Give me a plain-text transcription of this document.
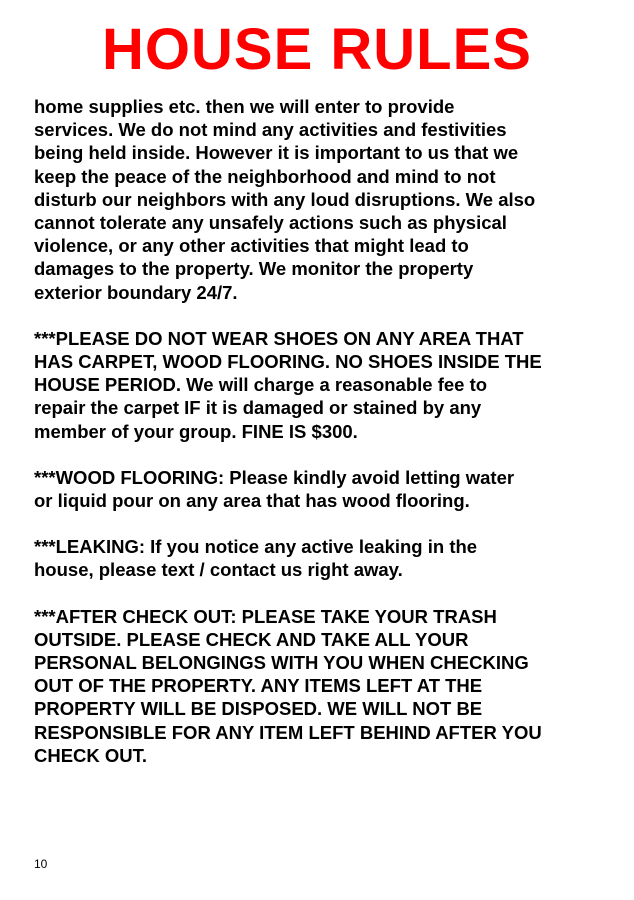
HOUSE RULES

home supplies etc. then we will enter to provide
services. We do not mind any activities and festivities
being held inside. However it is important to us that we
keep the peace of the neighborhood and mind to not
disturb our neighbors with any loud disruptions. We also
cannot tolerate any unsafely actions such as physical
violence, or any other activities that might lead to
damages to the property. We monitor the property
exterior boundary 24/7.

***PLEASE DO NOT WEAR SHOES ON ANY AREA THAT
HAS CARPET, WOOD FLOORING. NO SHOES INSIDE THE
HOUSE PERIOD. We will charge a reasonable fee to
repair the carpet IF it is damaged or stained by any
member of your group. FINE IS $300.

***WOOD FLOORING: Please kindly avoid letting water
or liquid pour on any area that has wood flooring.

***LEAKING: If you notice any active leaking in the
house, please text / contact us right away.

***AFTER CHECK OUT: PLEASE TAKE YOUR TRASH
OUTSIDE. PLEASE CHECK AND TAKE ALL YOUR
PERSONAL BELONGINGS WITH YOU WHEN CHECKING
OUT OF THE PROPERTY. ANY ITEMS LEFT AT THE
PROPERTY WILL BE DISPOSED. WE WILL NOT BE
RESPONSIBLE FOR ANY ITEM LEFT BEHIND AFTER YOU
CHECK OUT.

10
